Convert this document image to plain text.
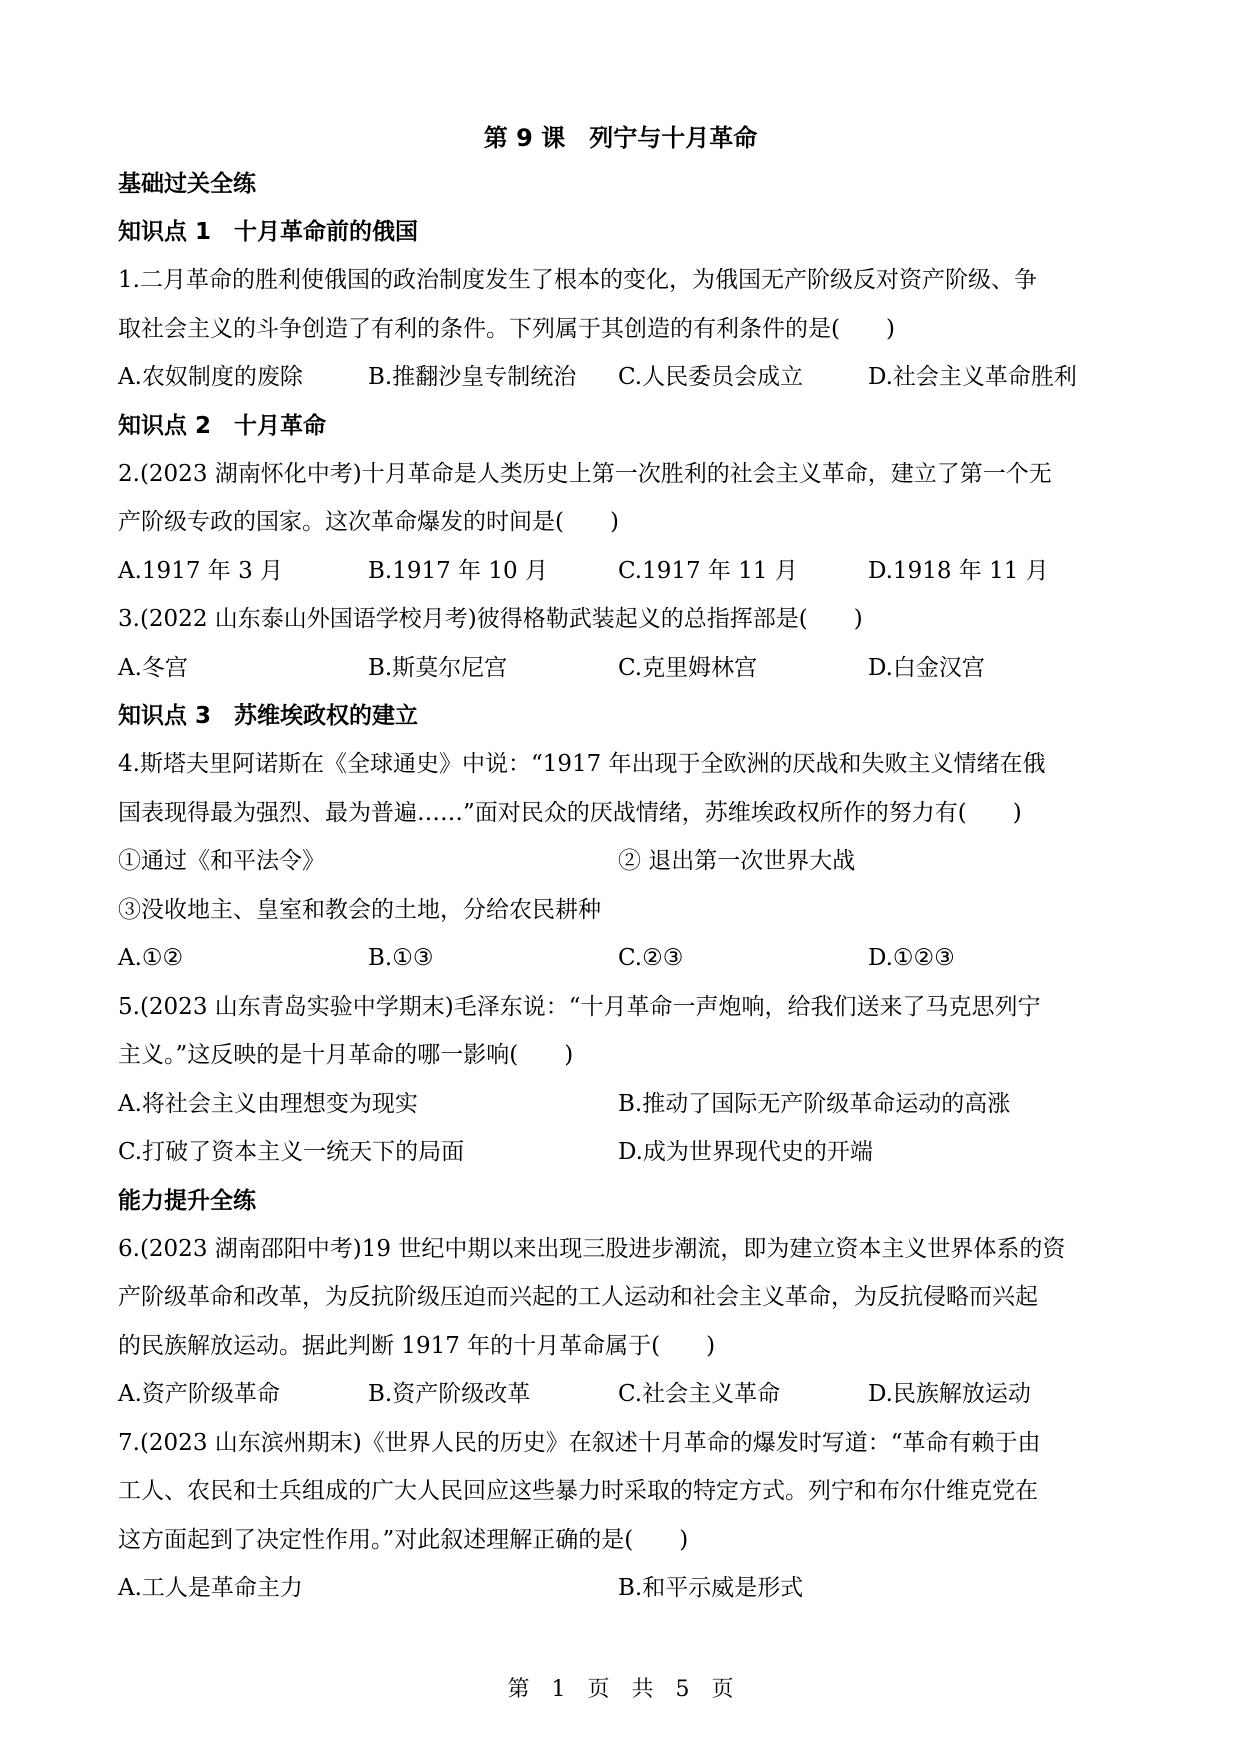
第 9 课　列宁与十月革命
基础过关全练
知识点 1　十月革命前的俄国
1.二月革命的胜利使俄国的政治制度发生了根本的变化，为俄国无产阶级反对资产阶级、争
取社会主义的斗争创造了有利的条件。下列属于其创造的有利条件的是(　　)
A.农奴制度的废除	B.推翻沙皇专制统治	C.人民委员会成立	D.社会主义革命胜利
知识点 2　十月革命
2.(2023 湖南怀化中考)十月革命是人类历史上第一次胜利的社会主义革命，建立了第一个无
产阶级专政的国家。这次革命爆发的时间是(　　)
A.1917 年 3 月	B.1917 年 10 月	C.1917 年 11 月	D.1918 年 11 月
3.(2022 山东泰山外国语学校月考)彼得格勒武装起义的总指挥部是(　　)
A.冬宫	B.斯莫尔尼宫	C.克里姆林宫	D.白金汉宫
知识点 3　苏维埃政权的建立
4.斯塔夫里阿诺斯在《全球通史》中说：“1917 年出现于全欧洲的厌战和失败主义情绪在俄
国表现得最为强烈、最为普遍……”面对民众的厌战情绪，苏维埃政权所作的努力有(　　)
①通过《和平法令》	② 退出第一次世界大战
③没收地主、皇室和教会的土地，分给农民耕种
A.①②	B.①③	C.②③	D.①②③
5.(2023 山东青岛实验中学期末)毛泽东说：“十月革命一声炮响，给我们送来了马克思列宁
主义。”这反映的是十月革命的哪一影响(　　)
A.将社会主义由理想变为现实	B.推动了国际无产阶级革命运动的高涨
C.打破了资本主义一统天下的局面	D.成为世界现代史的开端
能力提升全练
6.(2023 湖南邵阳中考)19 世纪中期以来出现三股进步潮流，即为建立资本主义世界体系的资
产阶级革命和改革，为反抗阶级压迫而兴起的工人运动和社会主义革命，为反抗侵略而兴起
的民族解放运动。据此判断 1917 年的十月革命属于(　　)
A.资产阶级革命	B.资产阶级改革	C.社会主义革命	D.民族解放运动
7.(2023 山东滨州期末)《世界人民的历史》在叙述十月革命的爆发时写道：“革命有赖于由
工人、农民和士兵组成的广大人民回应这些暴力时采取的特定方式。列宁和布尔什维克党在
这方面起到了决定性作用。”对此叙述理解正确的是(　　)
A.工人是革命主力	B.和平示威是形式
第　1　页　共　5　页
